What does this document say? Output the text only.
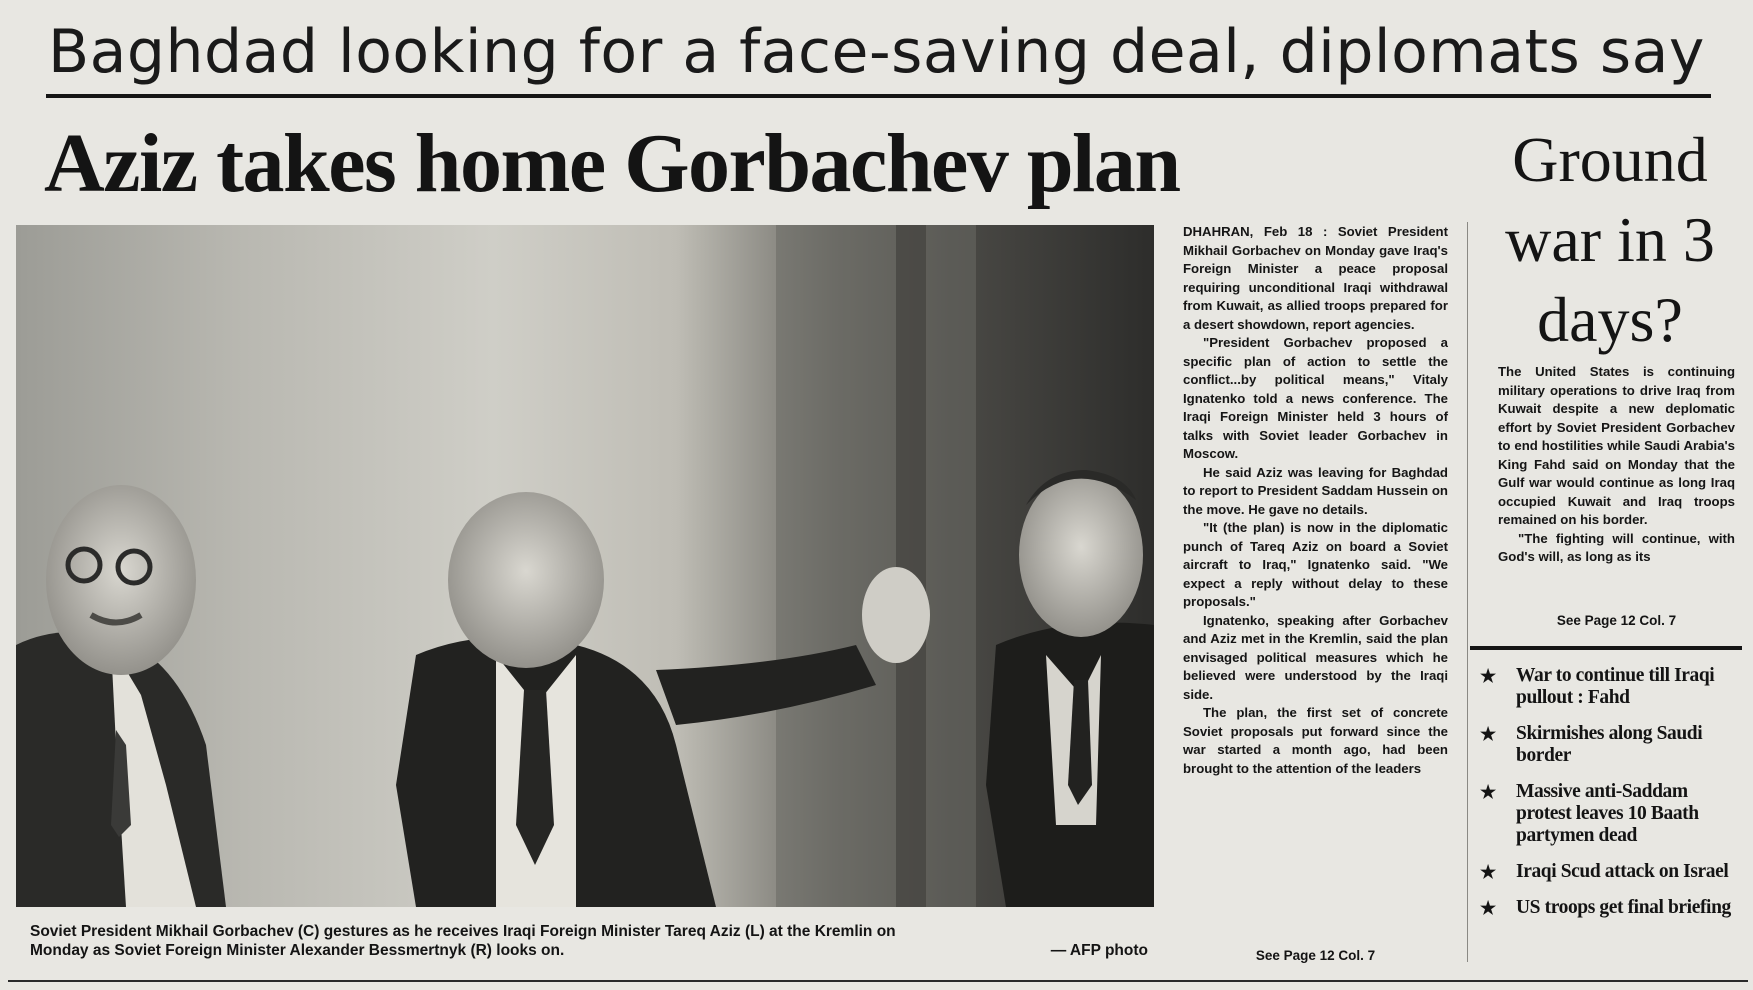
Baghdad looking for a face-saving deal, diplomats say
Aziz takes home Gorbachev plan	Ground war in 3 days?
Soviet President Mikhail Gorbachev (C) gestures as he receives Iraqi Foreign Minister Tareq Aziz (L) at the Kremlin on

Monday as Soviet Foreign Minister Alexander Bessmertnyk (R) looks on.	— AFP photo

DHAHRAN, Feb 18 : Soviet President Mikhail Gorbachev on Monday gave Iraq's Foreign Minister a peace proposal requiring unconditional Iraqi withdrawal from Kuwait, as allied troops prepared for a desert showdown, report agencies.

"President Gorbachev proposed a specific plan of action to settle the conflict...by political means," Vitaly Ignatenko told a news conference. The Iraqi Foreign Minister held 3 hours of talks with Soviet leader Gorbachev in Moscow.

He said Aziz was leaving for Baghdad to report to President Saddam Hussein on the move. He gave no details.

"It (the plan) is now in the diplomatic punch of Tareq Aziz on board a Soviet aircraft to Iraq," Ignatenko said. "We expect a reply without delay to these proposals."

Ignatenko, speaking after Gorbachev and Aziz met in the Kremlin, said the plan envisaged political measures which he believed were understood by the Iraqi side.

The plan, the first set of concrete Soviet proposals put forward since the war started a month ago, had been brought to the attention of the leaders

See Page 12 Col. 7

The United States is continuing military operations to drive Iraq from Kuwait despite a new deplomatic effort by Soviet President Gorbachev to end hostilities while Saudi Arabia's King Fahd said on Monday that the Gulf war would continue as long Iraq occupied Kuwait and Iraq troops remained on his border.

"The fighting will continue, with God's will, as long as its

See Page 12 Col. 7
★ War to continue till Iraqi pullout : Fahd
★ Skirmishes along Saudi border
★ Massive anti-Saddam protest leaves 10 Baath partymen dead
★ Iraqi Scud attack on Israel
★ US troops get final briefing
